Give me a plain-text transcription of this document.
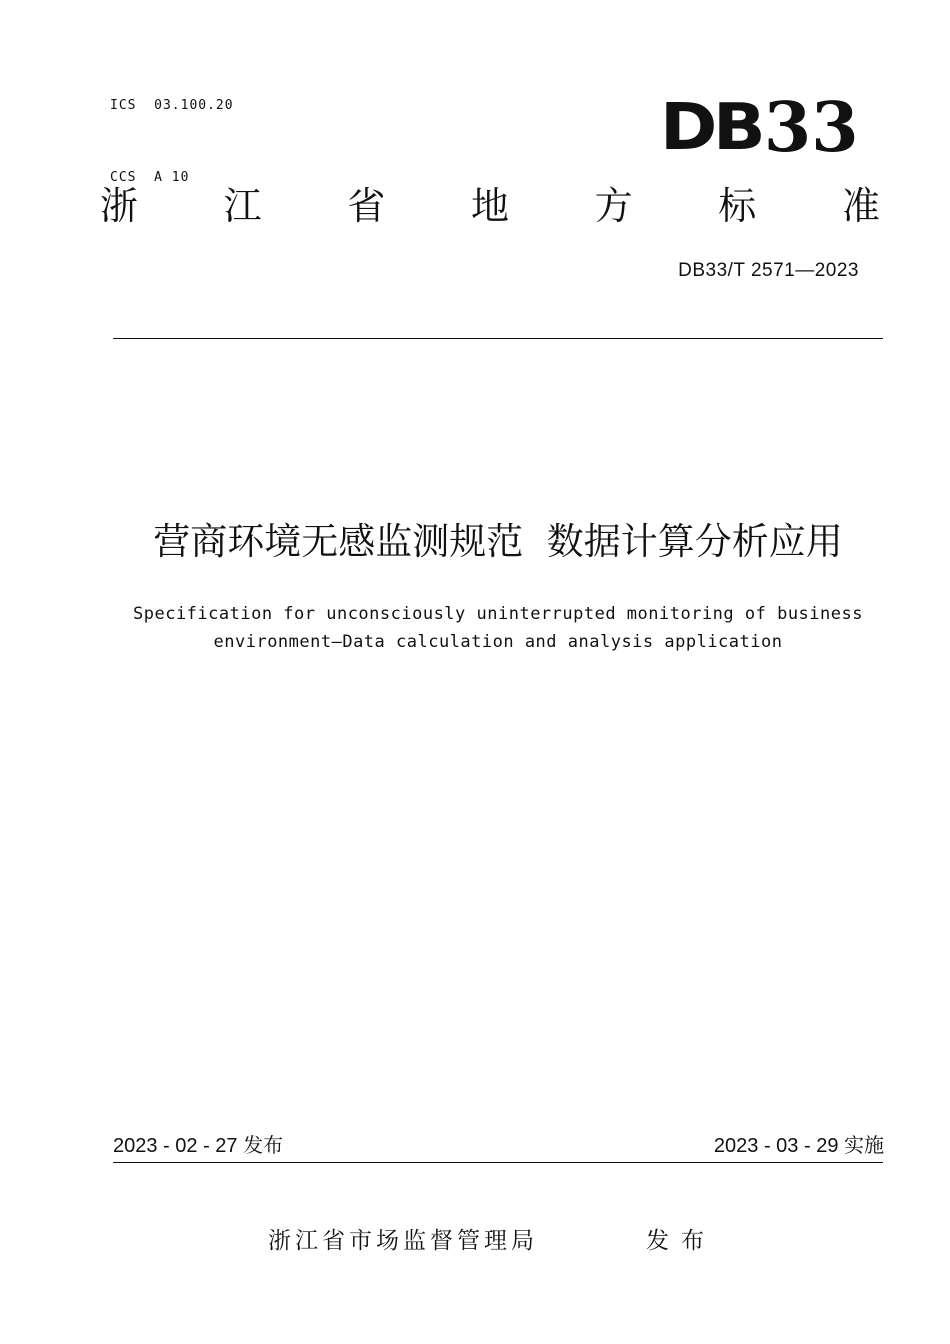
ICS  03.100.20

CCS  A 10

DB 33
浙 江 省 地 方 标 准
DB33/T 2571—2023
营商环境无感监测规范  数据计算分析应用
Specification for unconsciously uninterrupted monitoring of business
environment—Data calculation and analysis application
2023 - 02 - 27 发布	2023 - 03 - 29 实施
浙江省市场监督管理局	发布
